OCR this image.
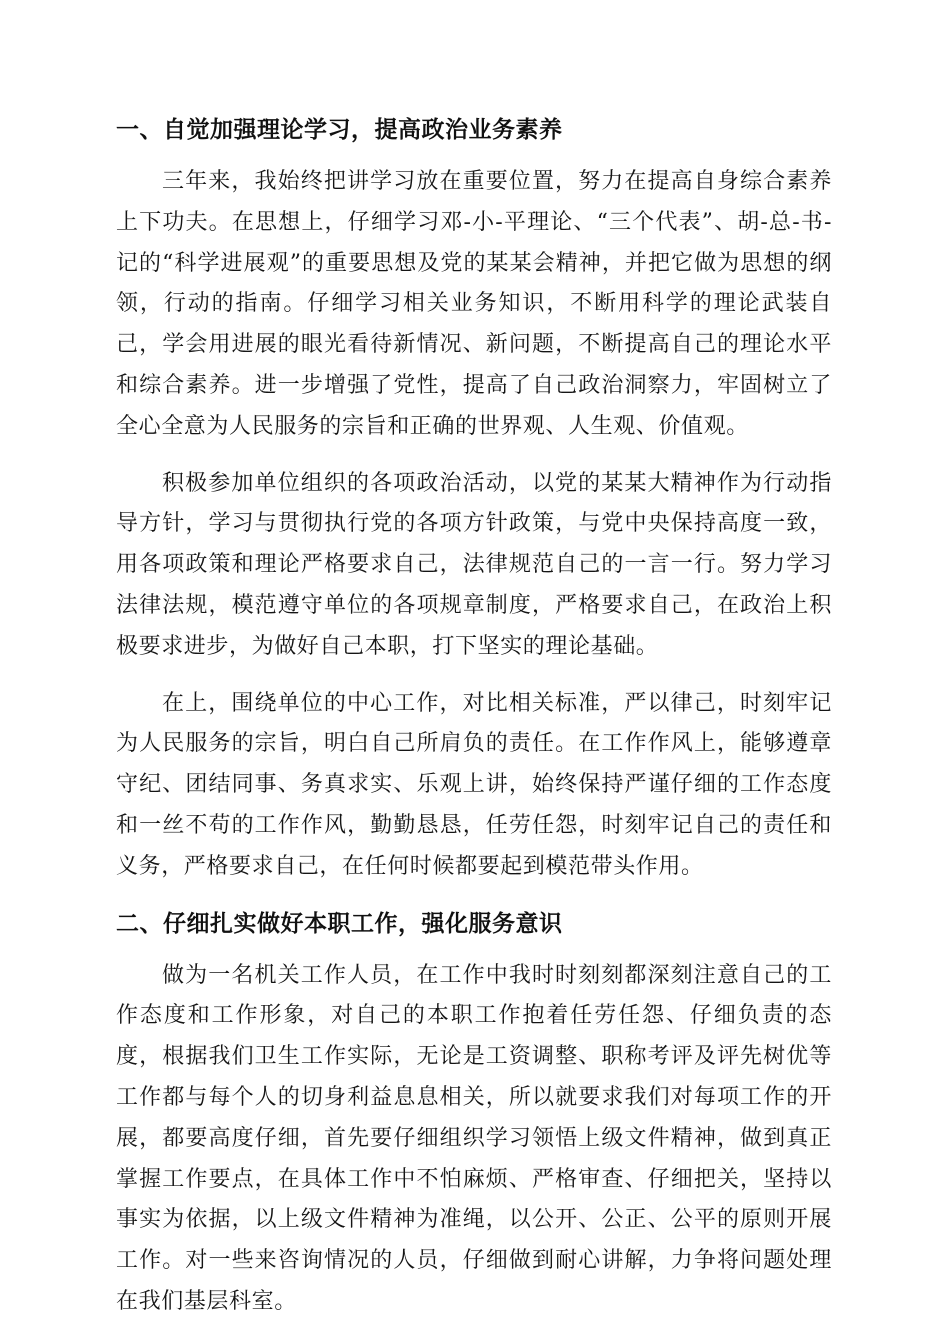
一、自觉加强理论学习，提高政治业务素养

三年来，我始终把讲学习放在重要位置，努力在提高自身综合素养上下功夫。在思想上，仔细学习邓-小-平理论、“三个代表”、胡-总-书-记的“科学进展观”的重要思想及党的某某会精神，并把它做为思想的纲领，行动的指南。仔细学习相关业务知识，不断用科学的理论武装自己，学会用进展的眼光看待新情况、新问题，不断提高自己的理论水平和综合素养。进一步增强了党性，提高了自己政治洞察力，牢固树立了全心全意为人民服务的宗旨和正确的世界观、人生观、价值观。

积极参加单位组织的各项政治活动，以党的某某大精神作为行动指导方针，学习与贯彻执行党的各项方针政策，与党中央保持高度一致，用各项政策和理论严格要求自己，法律规范自己的一言一行。努力学习法律法规，模范遵守单位的各项规章制度，严格要求自己，在政治上积极要求进步，为做好自己本职，打下坚实的理论基础。

在上，围绕单位的中心工作，对比相关标准，严以律己，时刻牢记为人民服务的宗旨，明白自己所肩负的责任。在工作作风上，能够遵章守纪、团结同事、务真求实、乐观上讲，始终保持严谨仔细的工作态度和一丝不苟的工作作风，勤勤恳恳，任劳任怨，时刻牢记自己的责任和义务，严格要求自己，在任何时候都要起到模范带头作用。

二、仔细扎实做好本职工作，强化服务意识

做为一名机关工作人员，在工作中我时时刻刻都深刻注意自己的工作态度和工作形象，对自己的本职工作抱着任劳任怨、仔细负责的态度，根据我们卫生工作实际，无论是工资调整、职称考评及评先树优等工作都与每个人的切身利益息息相关，所以就要求我们对每项工作的开展，都要高度仔细，首先要仔细组织学习领悟上级文件精神，做到真正掌握工作要点，在具体工作中不怕麻烦、严格审查、仔细把关，坚持以事实为依据，以上级文件精神为准绳，以公开、公正、公平的原则开展工作。对一些来咨询情况的人员，仔细做到耐心讲解，力争将问题处理在我们基层科室。
